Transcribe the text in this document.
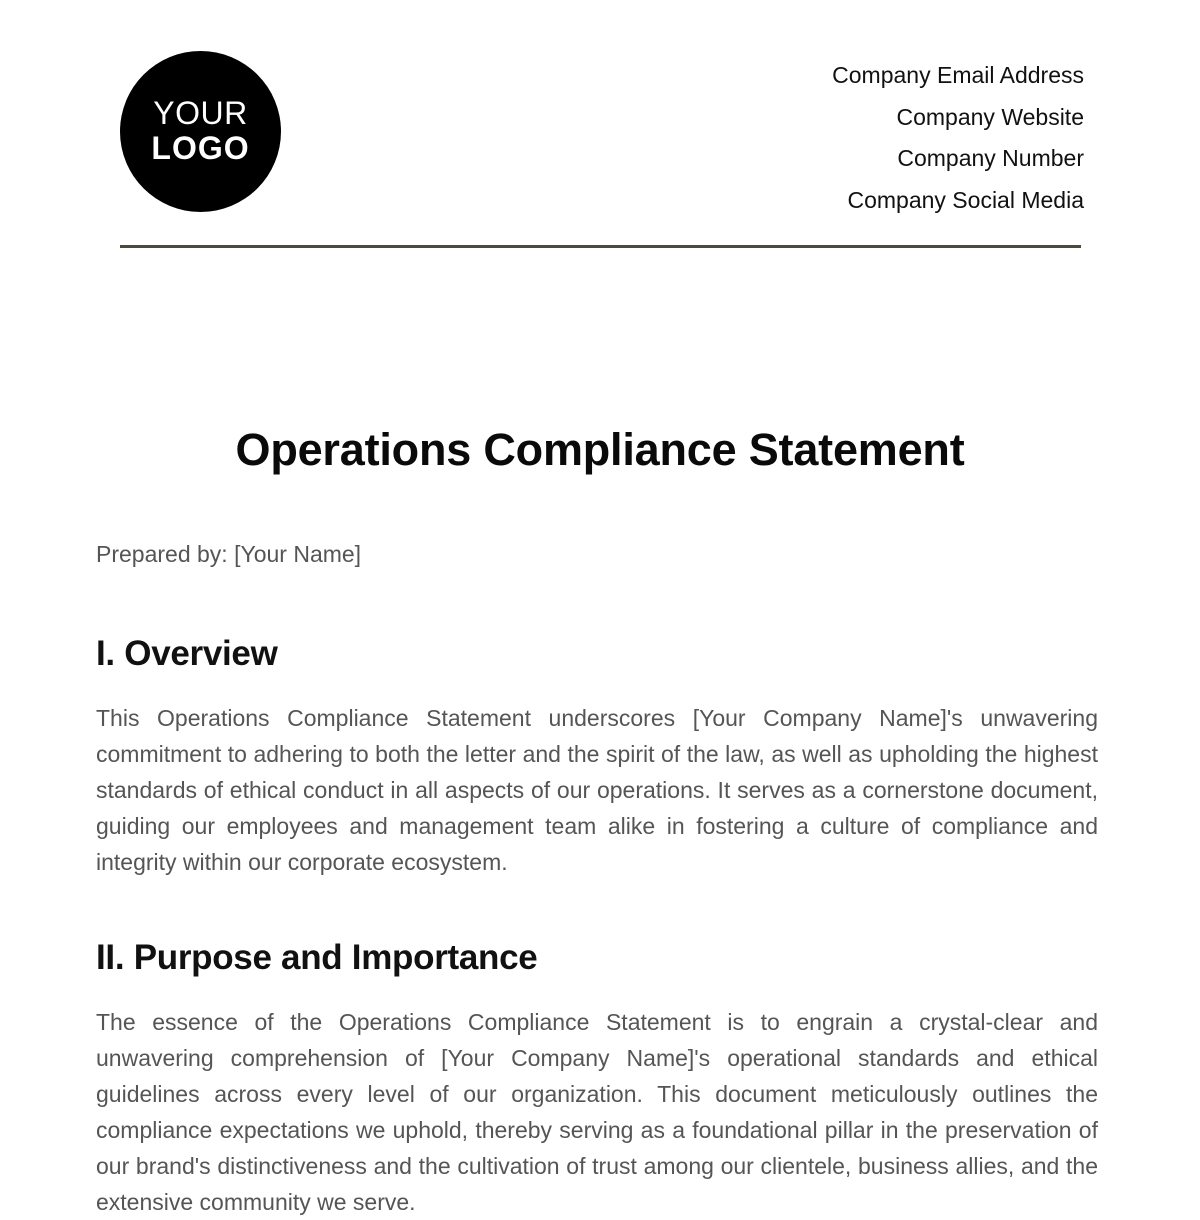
YOUR
LOGO
Company Email Address
Company Website
Company Number
Company Social Media
Operations Compliance Statement
Prepared by: [Your Name]
I. Overview

This Operations Compliance Statement underscores [Your Company Name]'s unwavering commitment to adhering to both the letter and the spirit of the law, as well as upholding the highest standards of ethical conduct in all aspects of our operations. It serves as a cornerstone document, guiding our employees and management team alike in fostering a culture of compliance and integrity within our corporate ecosystem.

II. Purpose and Importance

The essence of the Operations Compliance Statement is to engrain a crystal-clear and unwavering comprehension of [Your Company Name]'s operational standards and ethical guidelines across every level of our organization. This document meticulously outlines the compliance expectations we uphold, thereby serving as a foundational pillar in the preservation of our brand's distinctiveness and the cultivation of trust among our clientele, business allies, and the extensive community we serve.
